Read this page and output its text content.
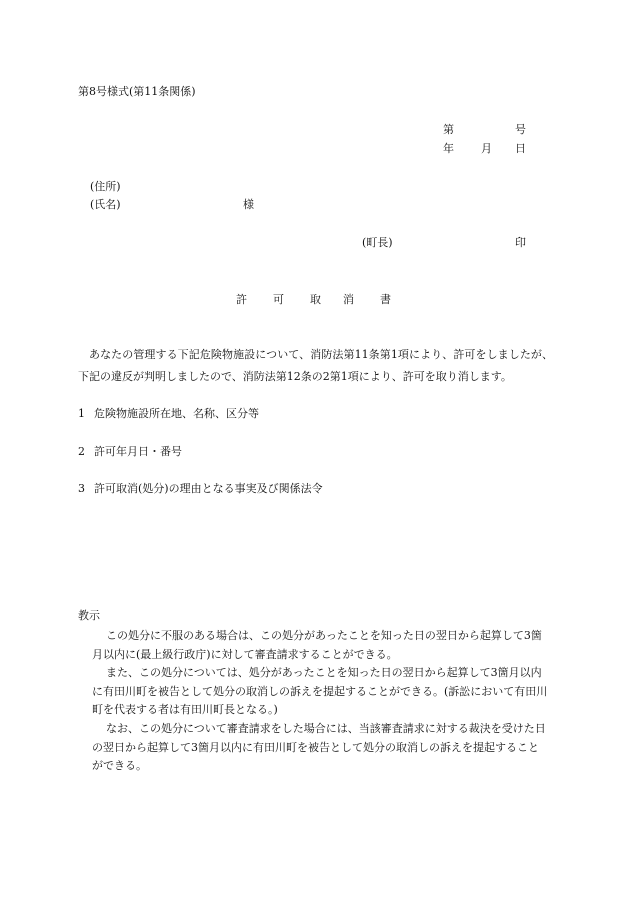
第8号様式(第11条関係)
第	号
年 月 日
(住所)
(氏名)	様
(町長)	印
許 可 取 消 書
あなたの管理する下記危険物施設について、消防法第11条第1項により、許可をしましたが、下記の違反が判明しましたので、消防法第12条の2第1項により、許可を取り消します。
1 危険物施設所在地、名称、区分等
2 許可年月日・番号
3 許可取消(処分)の理由となる事実及び関係法令
教示

この処分に不服のある場合は、この処分があったことを知った日の翌日から起算して3箇月以内に(最上級行政庁)に対して審査請求することができる。

また、この処分については、処分があったことを知った日の翌日から起算して3箇月以内に有田川町を被告として処分の取消しの訴えを提起することができる。(訴訟において有田川町を代表する者は有田川町長となる。)

なお、この処分について審査請求をした場合には、当該審査請求に対する裁決を受けた日の翌日から起算して3箇月以内に有田川町を被告として処分の取消しの訴えを提起することができる。
